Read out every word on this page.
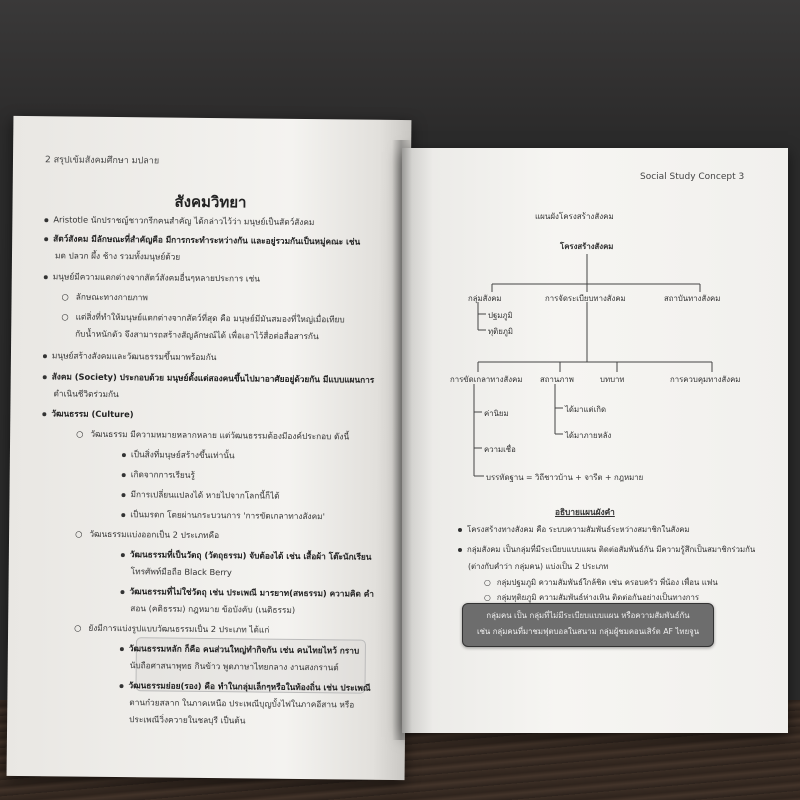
2 สรุปเข้มสังคมศึกษา มปลาย
สังคมวิทยา
Aristotle นักปราชญ์ชาวกรีกคนสำคัญ ได้กล่าวไว้ว่า มนุษย์เป็นสัตว์สังคม
สัตว์สังคม มีลักษณะที่สำคัญคือ มีการกระทำระหว่างกัน และอยู่รวมกันเป็นหมู่คณะ เช่น
มด ปลวก ผึ้ง ช้าง รวมทั้งมนุษย์ด้วย
มนุษย์มีความแตกต่างจากสัตว์สังคมอื่นๆหลายประการ เช่น
○ ลักษณะทางกายภาพ
○ แต่สิ่งที่ทำให้มนุษย์แตกต่างจากสัตว์ที่สุด คือ มนุษย์มีมันสมองที่ใหญ่เมื่อเทียบ
กับน้ำหนักตัว จึงสามารถสร้างสัญลักษณ์ได้ เพื่อเอาไว้สื่อต่อสื่อสารกัน
มนุษย์สร้างสังคมและวัฒนธรรมขึ้นมาพร้อมกัน
สังคม (Society) ประกอบด้วย มนุษย์ตั้งแต่สองคนขึ้นไปมาอาศัยอยู่ด้วยกัน มีแบบแผนการ
ดำเนินชีวิตร่วมกัน
วัฒนธรรม (Culture)
○ วัฒนธรรม มีความหมายหลากหลาย แต่วัฒนธรรมต้องมีองค์ประกอบ ดังนี้
เป็นสิ่งที่มนุษย์สร้างขึ้นเท่านั้น
เกิดจากการเรียนรู้
มีการเปลี่ยนแปลงได้ หายไปจากโลกนี้ก็ได้
เป็นมรดก โดยผ่านกระบวนการ 'การขัดเกลาทางสังคม'
○ วัฒนธรรมแบ่งออกเป็น 2 ประเภทคือ
วัฒนธรรมที่เป็นวัตถุ (วัตถุธรรม) จับต้องได้ เช่น เสื้อผ้า โต๊ะนักเรียน
โทรศัพท์มือถือ Black Berry
วัฒนธรรมที่ไม่ใช่วัตถุ เช่น ประเพณี มารยาท(สหธรรม) ความคิด คำ
สอน (คติธรรม) กฎหมาย ข้อบังคับ (เนติธรรม)
○ ยังมีการแบ่งรูปแบบวัฒนธรรมเป็น 2 ประเภท ได้แก่
วัฒนธรรมหลัก ก็คือ คนส่วนใหญ่ทำกิจกัน เช่น คนไทยไหว้ กราบ
นับถือศาสนาพุทธ กินข้าว พูดภาษาไทยกลาง งานสงกรานต์
วัฒนธรรมย่อย(รอง) คือ ทำในกลุ่มเล็กๆหรือในท้องถิ่น เช่น ประเพณี
ตานก๋วยสลาก ในภาคเหนือ ประเพณีบุญบั้งไฟในภาคอีสาน หรือ
ประเพณีวิ่งควายในชลบุรี เป็นต้น
Social Study Concept 3
แผนผังโครงสร้างสังคม
โครงสร้างสังคม
กลุ่มสังคม	การจัดระเบียบทางสังคม	สถาบันทางสังคม
ปฐมภูมิ
ทุติยภูมิ
การขัดเกลาทางสังคม สถานภาพ	บทบาท	การควบคุมทางสังคม
ค่านิยม
ความเชื่อ
ได้มาแต่เกิด
ได้มาภายหลัง
บรรทัดฐาน = วิถีชาวบ้าน + จารีต + กฎหมาย
อธิบายแผนผังคำ
โครงสร้างทางสังคม คือ ระบบความสัมพันธ์ระหว่างสมาชิกในสังคม
กลุ่มสังคม เป็นกลุ่มที่มีระเบียบแบบแผน ติดต่อสัมพันธ์กัน มีความรู้สึกเป็นสมาชิกร่วมกัน
(ต่างกับคำว่า กลุ่มคน) แบ่งเป็น 2 ประเภท
○ กลุ่มปฐมภูมิ ความสัมพันธ์ใกล้ชิด เช่น ครอบครัว พี่น้อง เพื่อน แฟน
○ กลุ่มทุติยภูมิ ความสัมพันธ์ห่างเหิน ติดต่อกันอย่างเป็นทางการ
กลุ่มคน เป็น กลุ่มที่ไม่มีระเบียบแบบแผน หรือความสัมพันธ์กัน
เช่น กลุ่มคนที่มาชมฟุตบอลในสนาม กลุ่มผู้ชมคอนเสิร์ต AF ไทยจูน
